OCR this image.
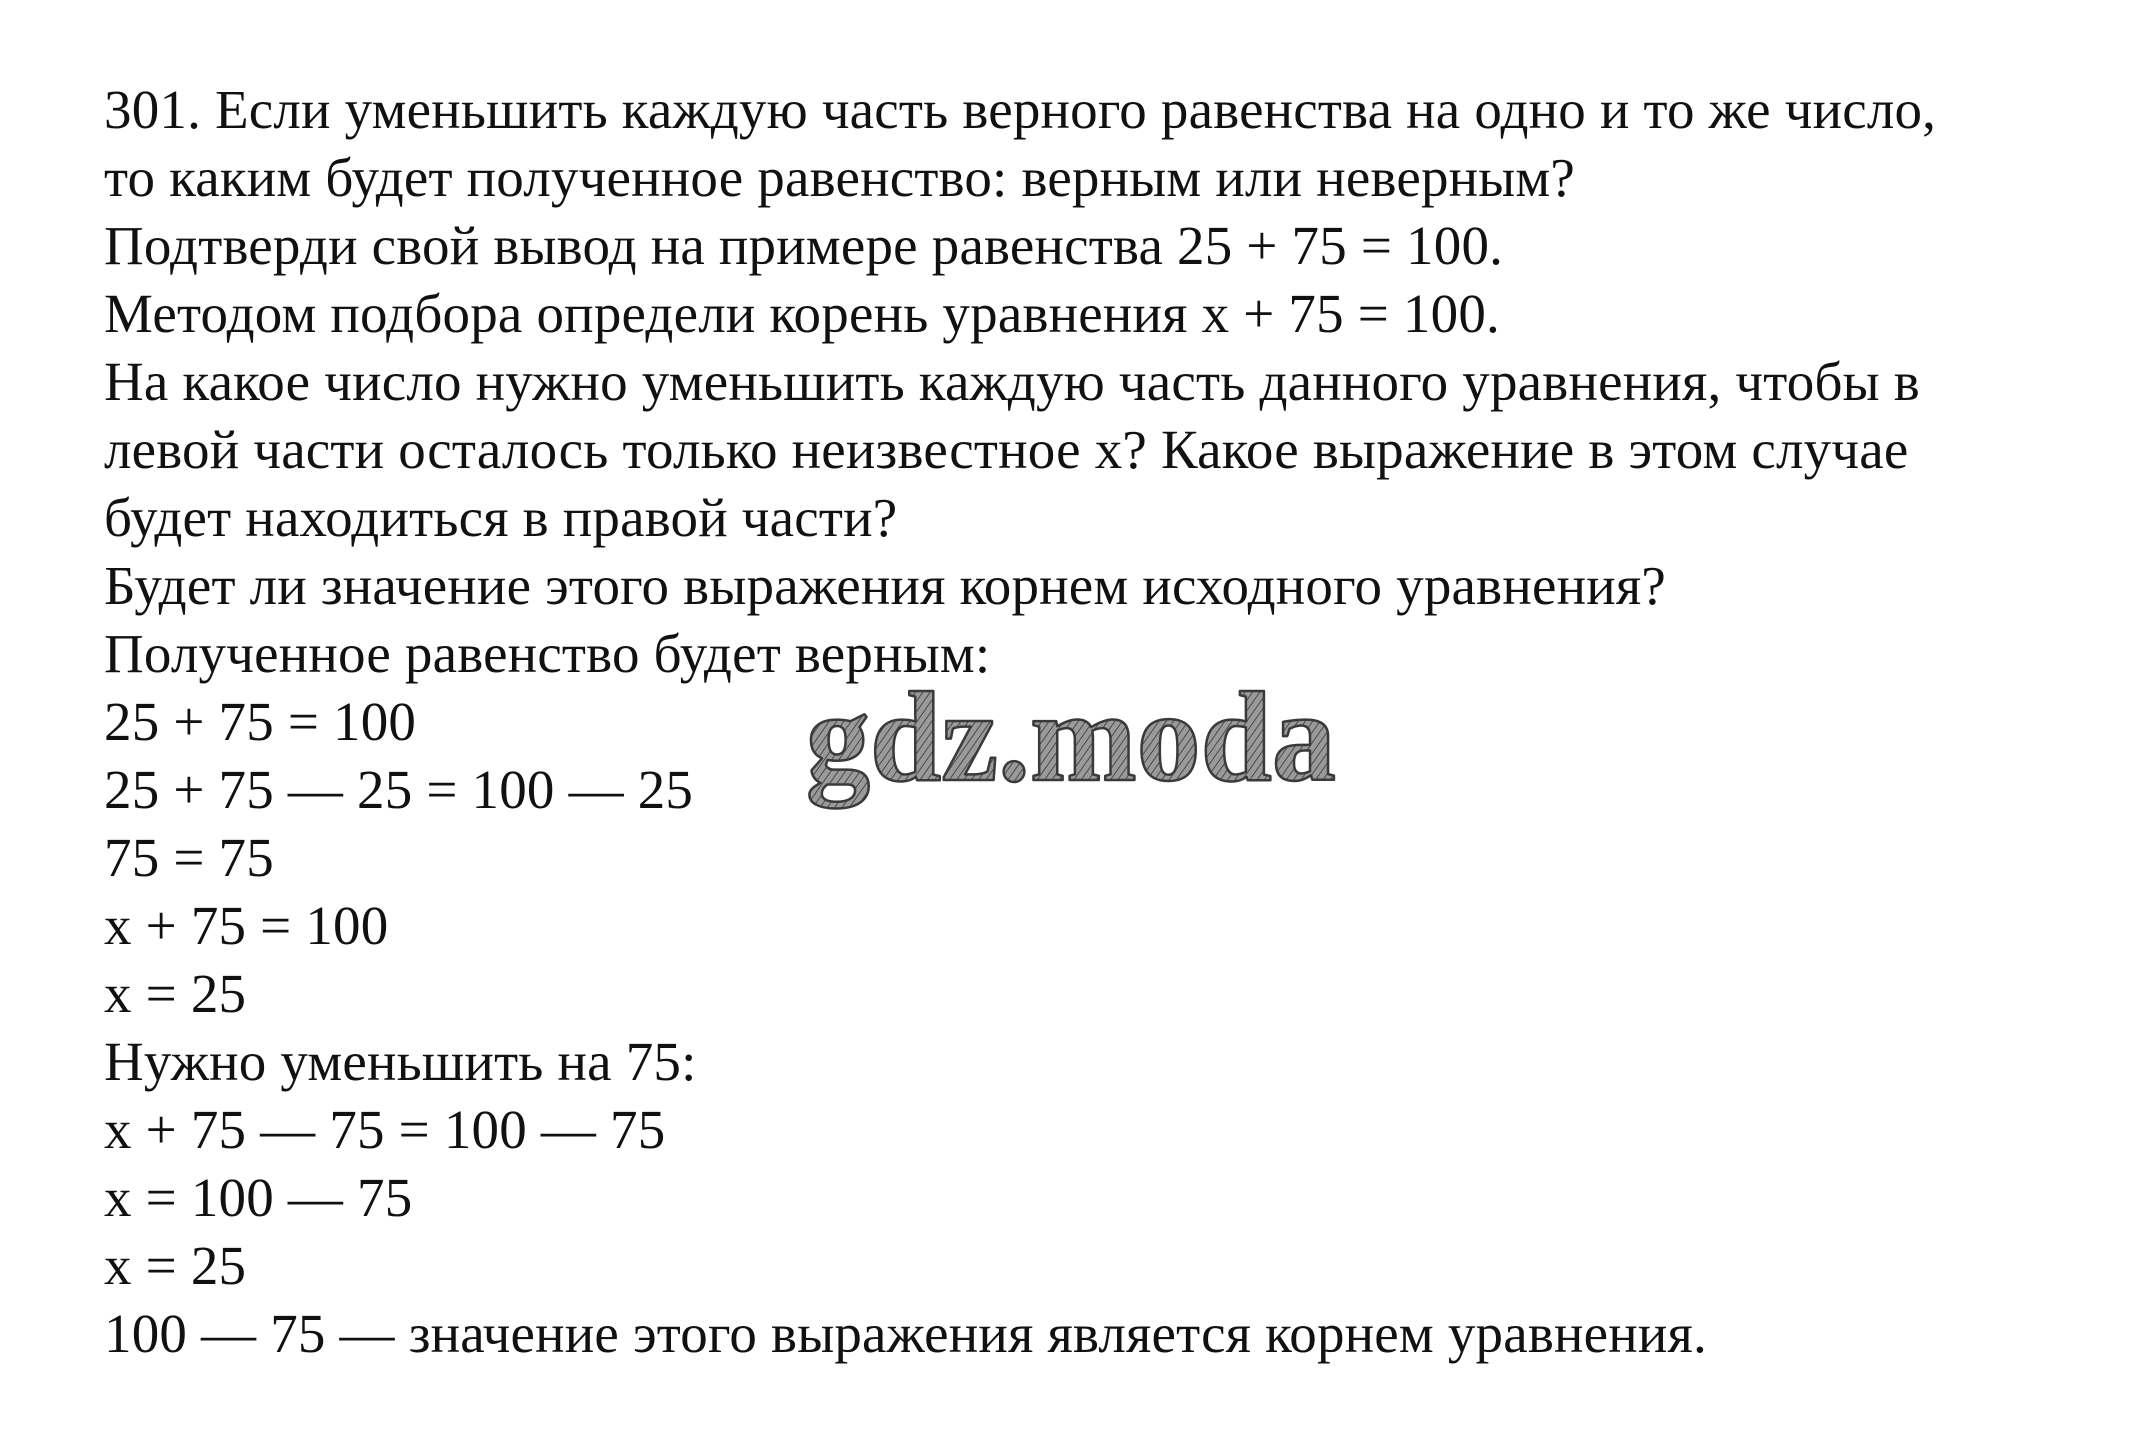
301. Если уменьшить каждую часть верного равенства на одно и то же число,
то каким будет полученное равенство: верным или неверным?
Подтверди свой вывод на примере равенства 25 + 75 = 100.
Методом подбора определи корень уравнения x + 75 = 100.
На какое число нужно уменьшить каждую часть данного уравнения, чтобы в
левой части осталось только неизвестное x? Какое выражение в этом случае
будет находиться в правой части?
Будет ли значение этого выражения корнем исходного уравнения?
Полученное равенство будет верным:
25 + 75 = 100
25 + 75 — 25 = 100 — 25
75 = 75
x + 75 = 100
x = 25
Нужно уменьшить на 75:
x + 75 — 75 = 100 — 75
x = 100 — 75
x = 25
100 — 75 — значение этого выражения является корнем уравнения.
gdz.moda
